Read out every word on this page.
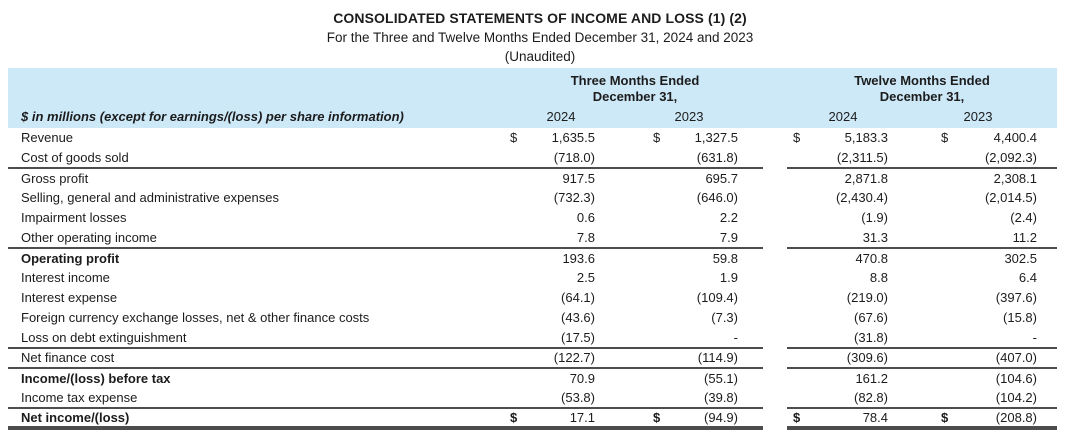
CONSOLIDATED STATEMENTS OF INCOME AND LOSS (1) (2)
For the Three and Twelve Months Ended December 31, 2024 and 2023
(Unaudited)
	Three Months Ended					Twelve Months Ended			
	December 31,					December 31,			
$ in millions (except for earnings/(loss) per share information)	2024		2023			2024		2023	
Revenue	$	1,635.5	$	1,327.5		$	5,183.3	$	4,400.4
Cost of goods sold		(718.0)		(631.8)			(2,311.5)		(2,092.3)
Gross profit		917.5		695.7			2,871.8		2,308.1
Selling, general and administrative expenses		(732.3)		(646.0)			(2,430.4)		(2,014.5)
Impairment losses		0.6		2.2			(1.9)		(2.4)
Other operating income		7.8		7.9			31.3		11.2
Operating profit		193.6		59.8			470.8		302.5
Interest income		2.5		1.9			8.8		6.4
Interest expense		(64.1)		(109.4)			(219.0)		(397.6)
Foreign currency exchange losses, net & other finance costs		(43.6)		(7.3)			(67.6)		(15.8)
Loss on debt extinguishment		(17.5)		-			(31.8)		-
Net finance cost		(122.7)		(114.9)			(309.6)		(407.0)
Income/(loss) before tax		70.9		(55.1)			161.2		(104.6)
Income tax expense		(53.8)		(39.8)			(82.8)		(104.2)
Net income/(loss)	$	17.1	$	(94.9)		$	78.4	$	(208.8)
